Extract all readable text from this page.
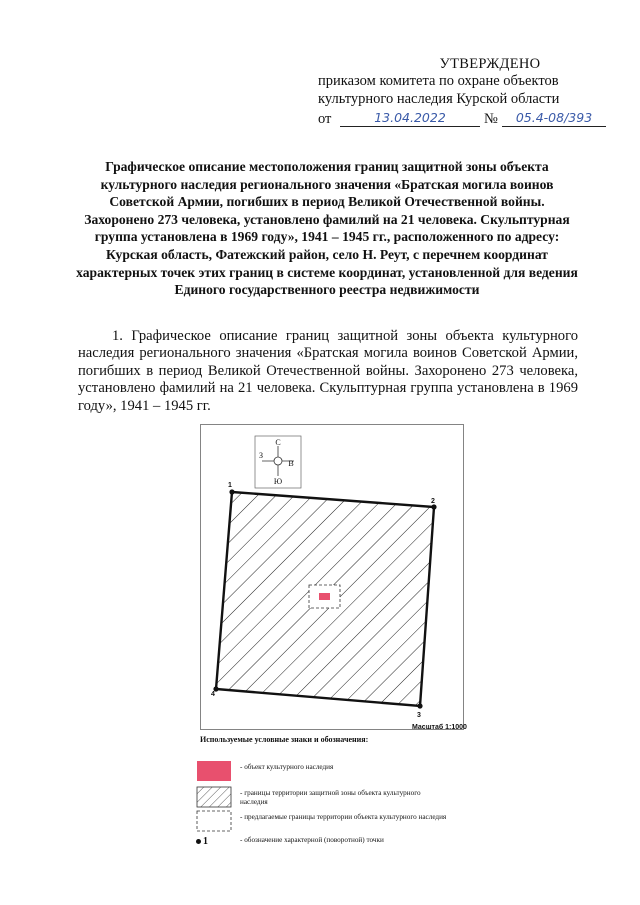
УТВЕРЖДЕНО
приказом комитета по охране объектов
культурного наследия Курской области
от	13.04.2022	№	05.4-08/393
Графическое описание местоположения границ защитной зоны объекта культурного наследия регионального значения «Братская могила воинов Советской Армии, погибших в период Великой Отечественной войны. Захоронено 273 человека, установлено фамилий на 21 человека. Скульптурная группа установлена в 1969 году», 1941 – 1945 гг., расположенного по адресу: Курская область, Фатежский район, село Н. Реут, с перечнем координат характерных точек этих границ в системе координат, установленной для ведения Единого государственного реестра недвижимости
1. Графическое описание границ защитной зоны объекта культурного наследия регионального значения «Братская могила воинов Советской Армии, погибших в период Великой Отечественной войны. Захоронено 273 человека, установлено фамилий на 21 человека. Скульптурная группа установлена в 1969 году», 1941 – 1945 гг.
С
Ю
З
В
1
2
3
4
Масштаб 1:1000
Используемые условные знаки и обозначения:
- объект культурного наследия
- границы территории защитной зоны объекта культурного наследия
- предлагаемые границы территории объекта культурного наследия
1	- обозначение характерной (поворотной) точки
